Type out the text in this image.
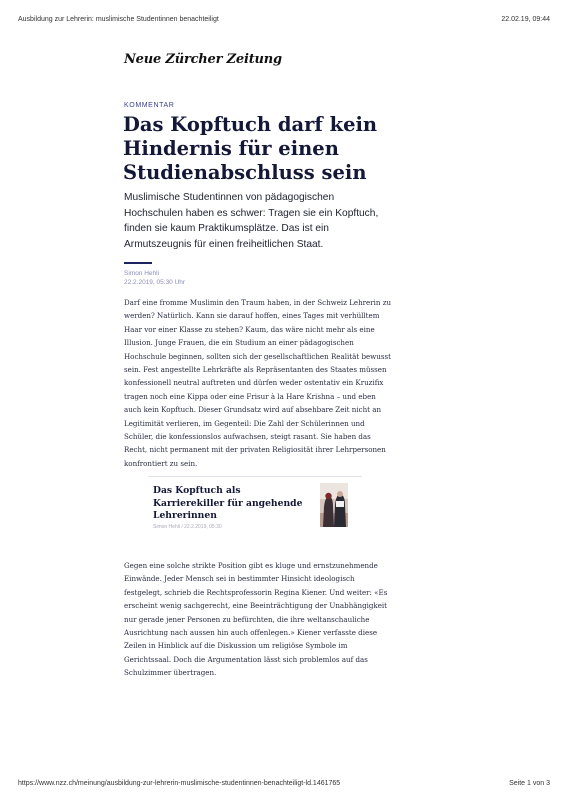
Ausbildung zur Lehrerin: muslimische Studentinnen benachteiligt	22.02.19, 09:44
Neue Zürcher Zeitung
KOMMENTAR
Das Kopftuch darf kein Hindernis für einen Studienabschluss sein

Muslimische Studentinnen von pädagogischen Hochschulen haben es schwer: Tragen sie ein Kopftuch, finden sie kaum Praktikumsplätze. Das ist ein Armutszeugnis für einen freiheitlichen Staat.

Simon Hehli
22.2.2019, 05:30 Uhr

Darf eine fromme Muslimin den Traum haben, in der Schweiz Lehrerin zu werden? Natürlich. Kann sie darauf hoffen, eines Tages mit verhülltem Haar vor einer Klasse zu stehen? Kaum, das wäre nicht mehr als eine Illusion. Junge Frauen, die ein Studium an einer pädagogischen Hochschule beginnen, sollten sich der gesellschaftlichen Realität bewusst sein. Fest angestellte Lehrkräfte als Repräsentanten des Staates müssen konfessionell neutral auftreten und dürfen weder ostentativ ein Kruzifix tragen noch eine Kippa oder eine Frisur à la Hare Krishna – und eben auch kein Kopftuch. Dieser Grundsatz wird auf absehbare Zeit nicht an Legitimität verlieren, im Gegenteil: Die Zahl der Schülerinnen und Schüler, die konfessionslos aufwachsen, steigt rasant. Sie haben das Recht, nicht permanent mit der privaten Religiosität ihrer Lehrpersonen konfrontiert zu sein.

Das Kopftuch als Karrierekiller für angehende Lehrerinnen
Simon Hehli / 22.2.2019, 05:30

Gegen eine solche strikte Position gibt es kluge und ernstzunehmende Einwände. Jeder Mensch sei in bestimmter Hinsicht ideologisch festgelegt, schrieb die Rechtsprofessorin Regina Kiener. Und weiter: «Es erscheint wenig sachgerecht, eine Beeinträchtigung der Unabhängigkeit nur gerade jener Personen zu befürchten, die ihre weltanschauliche Ausrichtung nach aussen hin auch offenlegen.» Kiener verfasste diese Zeilen in Hinblick auf die Diskussion um religiöse Symbole im Gerichtssaal. Doch die Argumentation lässt sich problemlos auf das Schulzimmer übertragen.

https://www.nzz.ch/meinung/ausbildung-zur-lehrerin-muslimische-studentinnen-benachteiligt-ld.1461765	Seite 1 von 3
